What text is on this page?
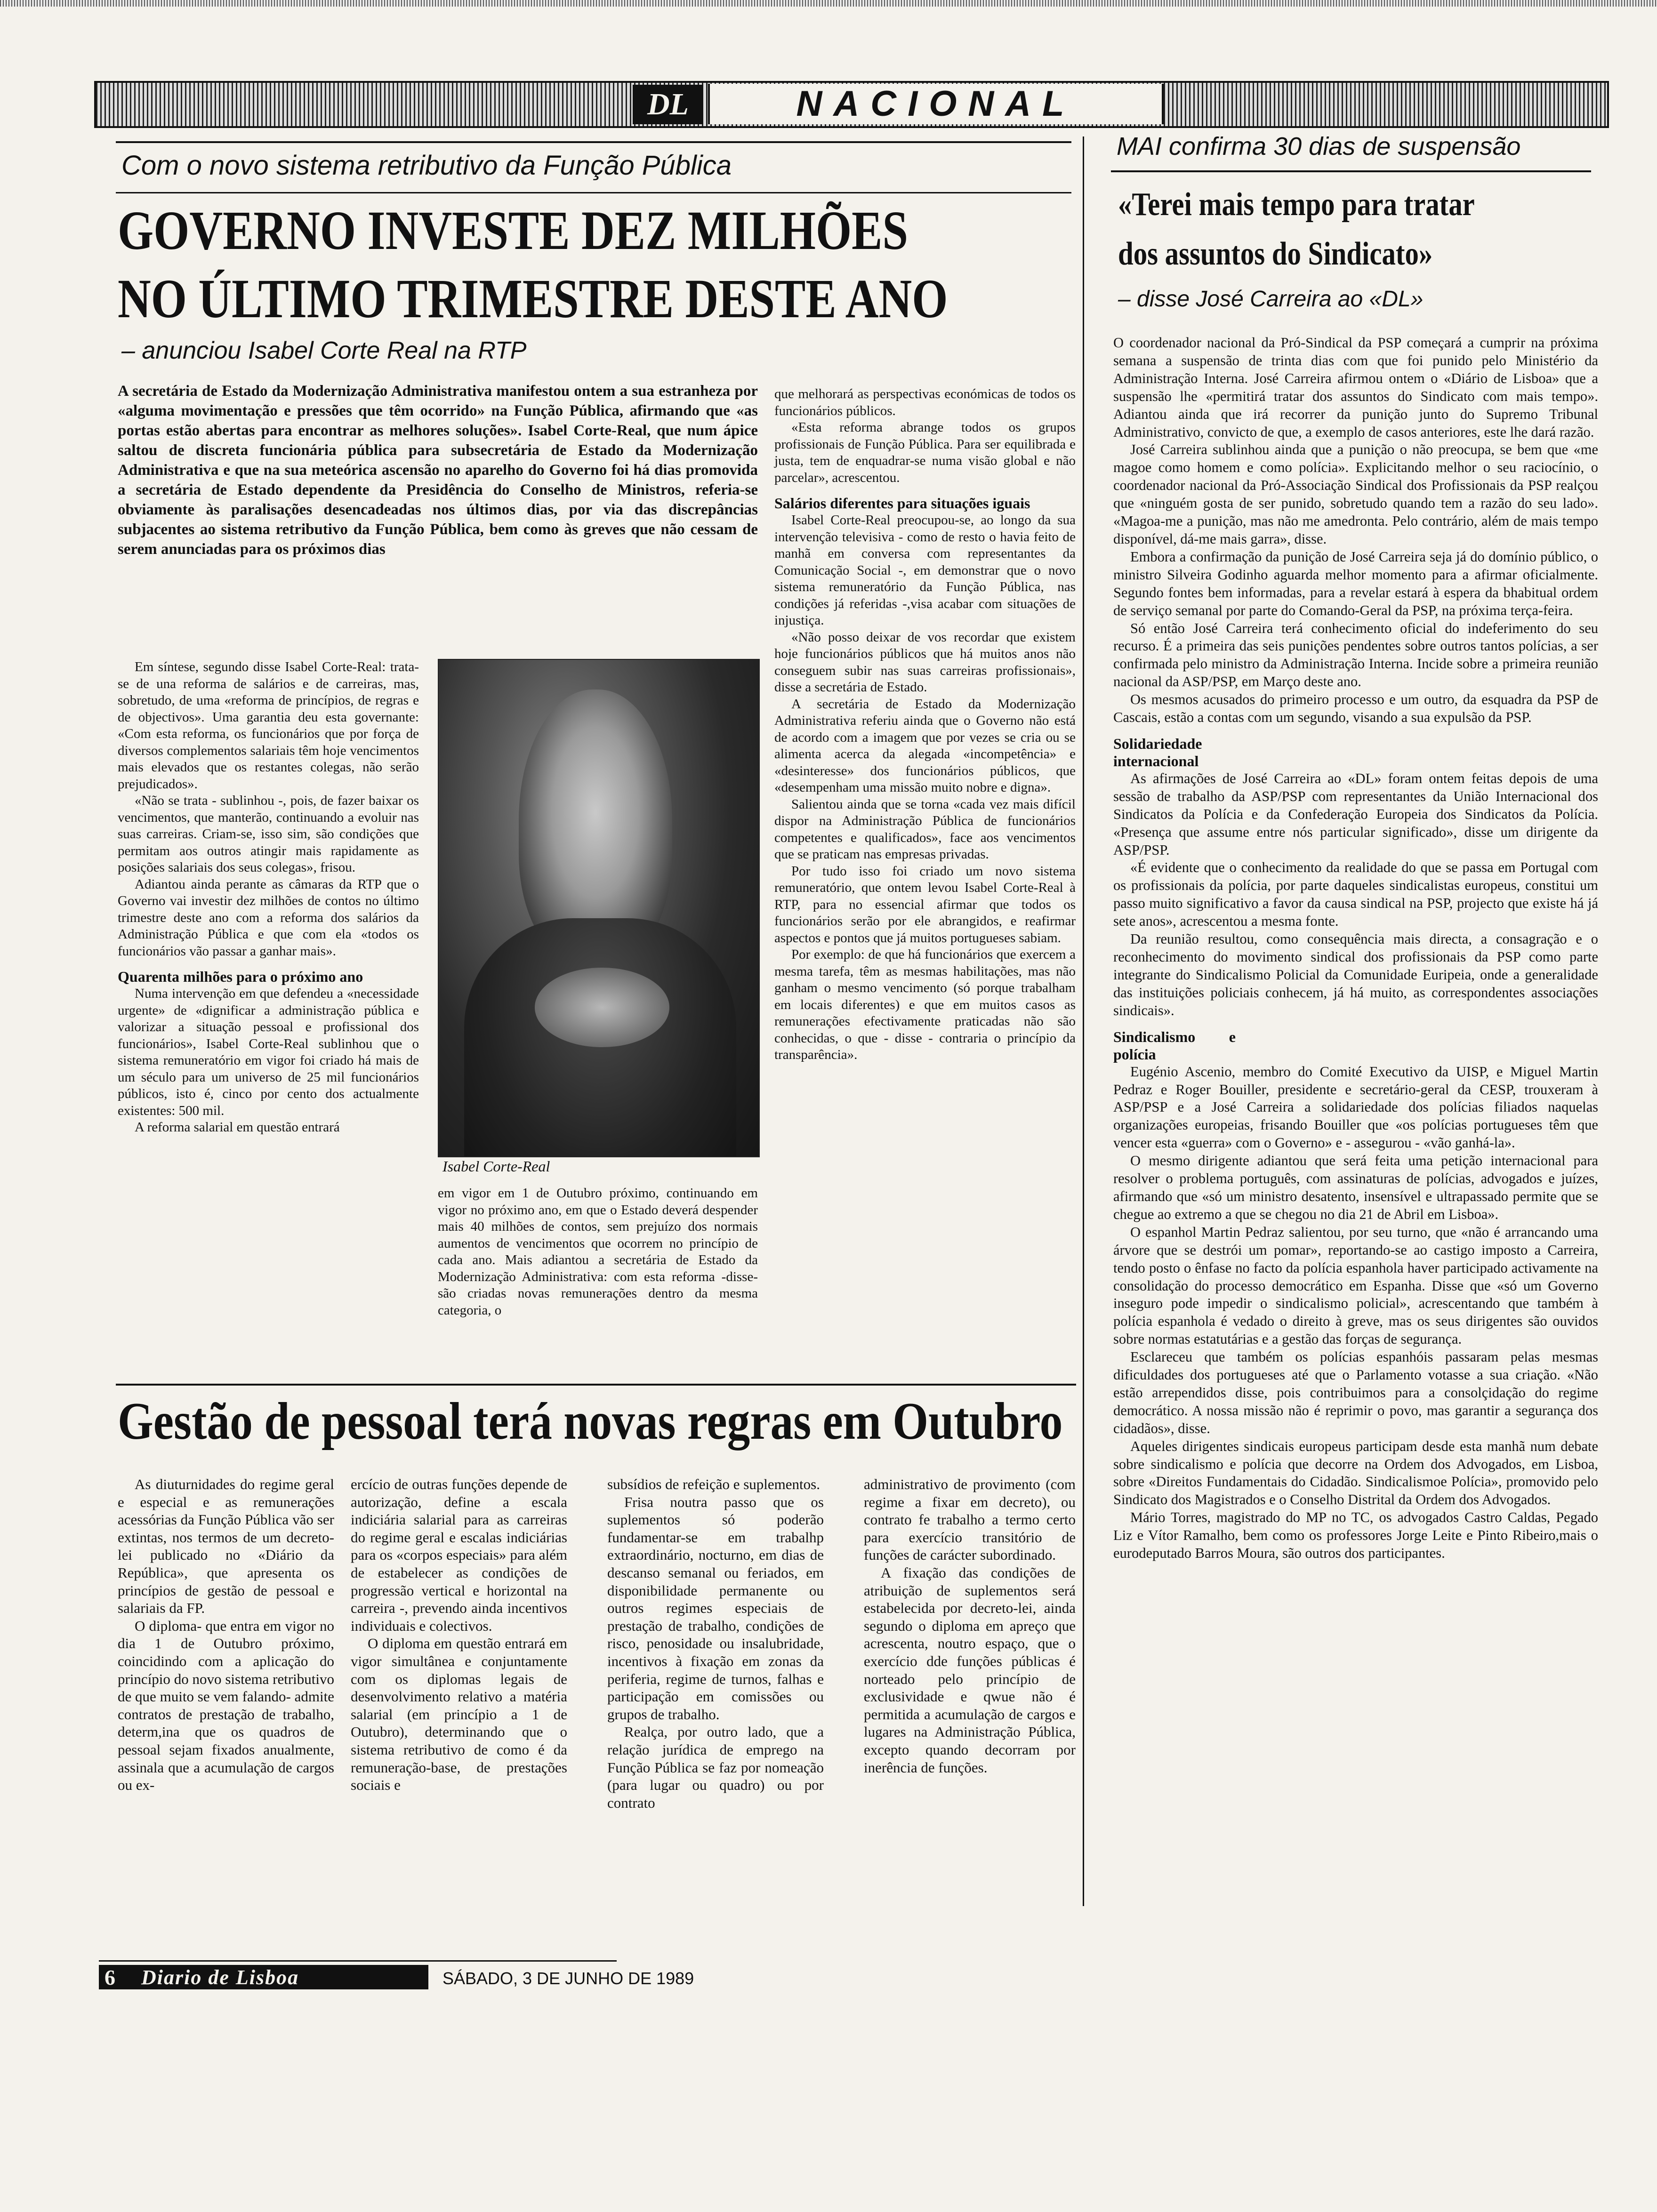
DL	NACIONAL
Com o novo sistema retributivo da Função Pública
GOVERNO INVESTE DEZ MILHÕES
NO ÚLTIMO TRIMESTRE DESTE ANO
– anunciou Isabel Corte Real na RTP
A secretária de Estado da Modernização Administrativa manifestou ontem a sua estranheza por «alguma movimentação e pressões que têm ocorrido» na Função Pública, afirmando que «as portas estão abertas para encontrar as melhores soluções». Isabel Corte-Real, que num ápice saltou de discreta funcionária pública para subsecretária de Estado da Modernização Administrativa e que na sua meteórica ascensão no aparelho do Governo foi há dias promovida a secretária de Estado dependente da Presidência do Conselho de Ministros, referia-se obviamente às paralisações desencadeadas nos últimos dias, por via das discrepâncias subjacentes ao sistema retributivo da Função Pública, bem como às greves que não cessam de serem anunciadas para os próximos dias

Em síntese, segundo disse Isabel Corte-Real: trata-se de una reforma de salários e de carreiras, mas, sobretudo, de uma «reforma de princípios, de regras e de objectivos». Uma garantia deu esta governante: «Com esta reforma, os funcionários que por força de diversos complementos salariais têm hoje vencimentos mais elevados que os restantes colegas, não serão prejudicados».

«Não se trata - sublinhou -, pois, de fazer baixar os vencimentos, que manterão, continuando a evoluir nas suas carreiras. Criam-se, isso sim, são condições que permitam aos outros atingir mais rapidamente as posições salariais dos seus colegas», frisou.

Adiantou ainda perante as câmaras da RTP que o Governo vai investir dez milhões de contos no último trimestre deste ano com a reforma dos salários da Administração Pública e que com ela «todos os funcionários vão passar a ganhar mais».

Quarenta milhões para o próximo ano

Numa intervenção em que defendeu a «necessidade urgente» de «dignificar a administração pública e valorizar a situação pessoal e profissional dos funcionários», Isabel Corte-Real sublinhou que o sistema remuneratório em vigor foi criado há mais de um século para um universo de 25 mil funcionários públicos, isto é, cinco por cento dos actualmente existentes: 500 mil.

A reforma salarial em questão entrará

Isabel Corte-Real

em vigor em 1 de Outubro próximo, continuando em vigor no próximo ano, em que o Estado deverá despender mais 40 milhões de contos, sem prejuízo dos normais aumentos de vencimentos que ocorrem no princípio de cada ano. Mais adiantou a secretária de Estado da Modernização Administrativa: com esta reforma -disse- são criadas novas remunerações dentro da mesma categoria, o

que melhorará as perspectivas económicas de todos os funcionários públicos.

«Esta reforma abrange todos os grupos profissionais de Função Pública. Para ser equilibrada e justa, tem de enquadrar-se numa visão global e não parcelar», acrescentou.

Salários diferentes para situações iguais

Isabel Corte-Real preocupou-se, ao longo da sua intervenção televisiva - como de resto o havia feito de manhã em conversa com representantes da Comunicação Social -, em demonstrar que o novo sistema remuneratório da Função Pública, nas condições já referidas -,visa acabar com situações de injustiça.

«Não posso deixar de vos recordar que existem hoje funcionários públicos que há muitos anos não conseguem subir nas suas carreiras profissionais», disse a secretária de Estado.

A secretária de Estado da Modernização Administrativa referiu ainda que o Governo não está de acordo com a imagem que por vezes se cria ou se alimenta acerca da alegada «incompetência» e «desinteresse» dos funcionários públicos, que «desempenham uma missão muito nobre e digna».

Salientou ainda que se torna «cada vez mais difícil dispor na Administração Pública de funcionários competentes e qualificados», face aos vencimentos que se praticam nas empresas privadas.

Por tudo isso foi criado um novo sistema remuneratório, que ontem levou Isabel Corte-Real à RTP, para no essencial afirmar que todos os funcionários serão por ele abrangidos, e reafirmar aspectos e pontos que já muitos portugueses sabiam.

Por exemplo: de que há funcionários que exercem a mesma tarefa, têm as mesmas habilitações, mas não ganham o mesmo vencimento (só porque trabalham em locais diferentes) e que em muitos casos as remunerações efectivamente praticadas não são conhecidas, o que - disse - contraria o princípio da transparência».

Gestão de pessoal terá novas regras em Outubro

As diuturnidades do regime geral e especial e as remunerações acessórias da Função Pública vão ser extintas, nos termos de um decreto-lei publicado no «Diário da República», que apresenta os princípios de gestão de pessoal e salariais da FP.

O diploma- que entra em vigor no dia 1 de Outubro próximo, coincidindo com a aplicação do princípio do novo sistema retributivo de que muito se vem falando- admite contratos de prestação de trabalho, determ,ina que os quadros de pessoal sejam fixados anualmente, assinala que a acumulação de cargos ou ex-

ercício de outras funções depende de autorização, define a escala indiciária salarial para as carreiras do regime geral e escalas indiciárias para os «corpos especiais» para além de estabelecer as condições de progressão vertical e horizontal na carreira -, prevendo ainda incentivos individuais e colectivos.

O diploma em questão entrará em vigor simultânea e conjuntamente com os diplomas legais de desenvolvimento relativo a matéria salarial (em princípio a 1 de Outubro), determinando que o sistema retributivo de como é da remuneração-base, de prestações sociais e

subsídios de refeição e suplementos.

Frisa noutra passo que os suplementos só poderão fundamentar-se em trabalhp extraordinário, nocturno, em dias de descanso semanal ou feriados, em disponibilidade permanente ou outros regimes especiais de prestação de trabalho, condições de risco, penosidade ou insalubridade, incentivos à fixação em zonas da periferia, regime de turnos, falhas e participação em comissões ou grupos de trabalho.

Realça, por outro lado, que a relação jurídica de emprego na Função Pública se faz por nomeação (para lugar ou quadro) ou por contrato

administrativo de provimento (com regime a fixar em decreto), ou contrato fe trabalho a termo certo para exercício transitório de funções de carácter subordinado.

A fixação das condições de atribuição de suplementos será estabelecida por decreto-lei, ainda segundo o diploma em apreço que acrescenta, noutro espaço, que o exercício dde funções públicas é norteado pelo princípio de exclusividade e qwue não é permitida a acumulação de cargos e lugares na Administração Pública, excepto quando decorram por inerência de funções.

MAI confirma 30 dias de suspensão
«Terei mais tempo para tratar
dos assuntos do Sindicato»
– disse José Carreira ao «DL»

O coordenador nacional da Pró-Sindical da PSP começará a cumprir na próxima semana a suspensão de trinta dias com que foi punido pelo Ministério da Administração Interna. José Carreira afirmou ontem o «Diário de Lisboa» que a suspensão lhe «permitirá tratar dos assuntos do Sindicato com mais tempo». Adiantou ainda que irá recorrer da punição junto do Supremo Tribunal Administrativo, convicto de que, a exemplo de casos anteriores, este lhe dará razão.

José Carreira sublinhou ainda que a punição o não preocupa, se bem que «me magoe como homem e como polícia». Explicitando melhor o seu raciocínio, o coordenador nacional da Pró-Associação Sindical dos Profissionais da PSP realçou que «ninguém gosta de ser punido, sobretudo quando tem a razão do seu lado». «Magoa-me a punição, mas não me amedronta. Pelo contrário, além de mais tempo disponível, dá-me mais garra», disse.

Embora a confirmação da punição de José Carreira seja já do domínio público, o ministro Silveira Godinho aguarda melhor momento para a afirmar oficialmente. Segundo fontes bem informadas, para a revelar estará à espera da bhabitual ordem de serviço semanal por parte do Comando-Geral da PSP, na próxima terça-feira.

Só então José Carreira terá conhecimento oficial do indeferimento do seu recurso. É a primeira das seis punições pendentes sobre outros tantos polícias, a ser confirmada pelo ministro da Administração Interna. Incide sobre a primeira reunião nacional da ASP/PSP, em Março deste ano.

Os mesmos acusados do primeiro processo e um outro, da esquadra da PSP de Cascais, estão a contas com um segundo, visando a sua expulsão da PSP.

Solidariedade internacional

As afirmações de José Carreira ao «DL» foram ontem feitas depois de uma sessão de trabalho da ASP/PSP com representantes da União Internacional dos Sindicatos da Polícia e da Confederação Europeia dos Sindicatos da Polícia. «Presença que assume entre nós particular significado», disse um dirigente da ASP/PSP.

«É evidente que o conhecimento da realidade do que se passa em Portugal com os profissionais da polícia, por parte daqueles sindicalistas europeus, constitui um passo muito significativo a favor da causa sindical na PSP, projecto que existe há já sete anos», acrescentou a mesma fonte.

Da reunião resultou, como consequência mais directa, a consagração e o reconhecimento do movimento sindical dos profissionais da PSP como parte integrante do Sindicalismo Policial da Comunidade Euripeia, onde a generalidade das instituições policiais conhecem, já há muito, as correspondentes associações sindicais».

Sindicalismo e polícia

Eugénio Ascenio, membro do Comité Executivo da UISP, e Miguel Martin Pedraz e Roger Bouiller, presidente e secretário-geral da CESP, trouxeram à ASP/PSP e a José Carreira a solidariedade dos polícias filiados naquelas organizações europeias, frisando Bouiller que «os polícias portugueses têm que vencer esta «guerra» com o Governo» e - assegurou - «vão ganhá-la».

O mesmo dirigente adiantou que será feita uma petição internacional para resolver o problema português, com assinaturas de polícias, advogados e juízes, afirmando que «só um ministro desatento, insensível e ultrapassado permite que se chegue ao extremo a que se chegou no dia 21 de Abril em Lisboa».

O espanhol Martin Pedraz salientou, por seu turno, que «não é arrancando uma árvore que se destrói um pomar», reportando-se ao castigo imposto a Carreira, tendo posto o ênfase no facto da polícia espanhola haver participado activamente na consolidação do processo democrático em Espanha. Disse que «só um Governo inseguro pode impedir o sindicalismo policial», acrescentando que também à polícia espanhola é vedado o direito à greve, mas os seus dirigentes são ouvidos sobre normas estatutárias e a gestão das forças de segurança.

Esclareceu que também os polícias espanhóis passaram pelas mesmas dificuldades dos portugueses até que o Parlamento votasse a sua criação. «Não estão arrependidos disse, pois contribuimos para a consolçidação do regime democrático. A nossa missão não é reprimir o povo, mas garantir a segurança dos cidadãos», disse.

Aqueles dirigentes sindicais europeus participam desde esta manhã num debate sobre sindicalismo e polícia que decorre na Ordem dos Advogados, em Lisboa, sobre «Direitos Fundamentais do Cidadão. Sindicalismoe Polícia», promovido pelo Sindicato dos Magistrados e o Conselho Distrital da Ordem dos Advogados.

Mário Torres, magistrado do MP no TC, os advogados Castro Caldas, Pegado Liz e Vítor Ramalho, bem como os professores Jorge Leite e Pinto Ribeiro,mais o eurodeputado Barros Moura, são outros dos participantes.

6 Diario de Lisboa	SÁBADO, 3 DE JUNHO DE 1989
